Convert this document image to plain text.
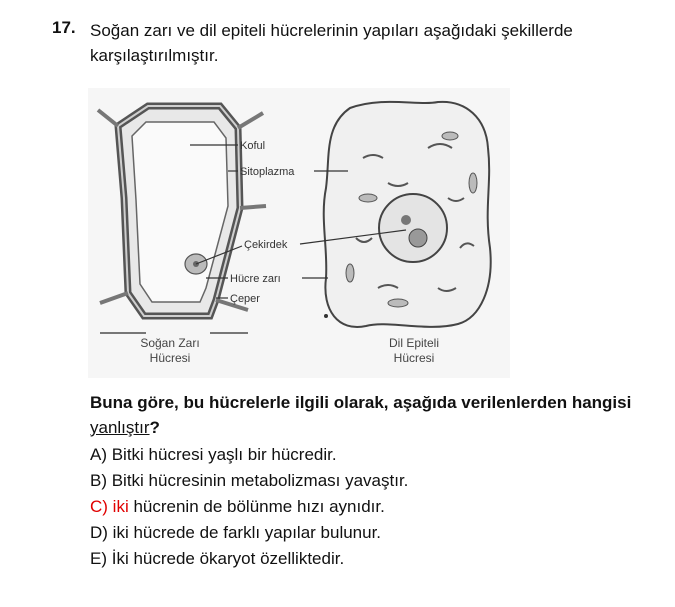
17. Soğan zarı ve dil epiteli hücrelerinin yapıları aşağıdaki şekillerde karşılaştırılmıştır.
Koful
Sitoplazma
Çekirdek
Hücre zarı
Çeper
Soğan Zarı
Hücresi
Dil Epiteli
Hücresi
Buna göre, bu hücrelerle ilgili olarak, aşağıda verilenlerden hangisi yanlıştır?
A) Bitki hücresi yaşlı bir hücredir.
B) Bitki hücresinin metabolizması yavaştır.
C) iki hücrenin de bölünme hızı aynıdır.
D) iki hücrede de farklı yapılar bulunur.
E) İki hücrede ökaryot özelliktedir.
